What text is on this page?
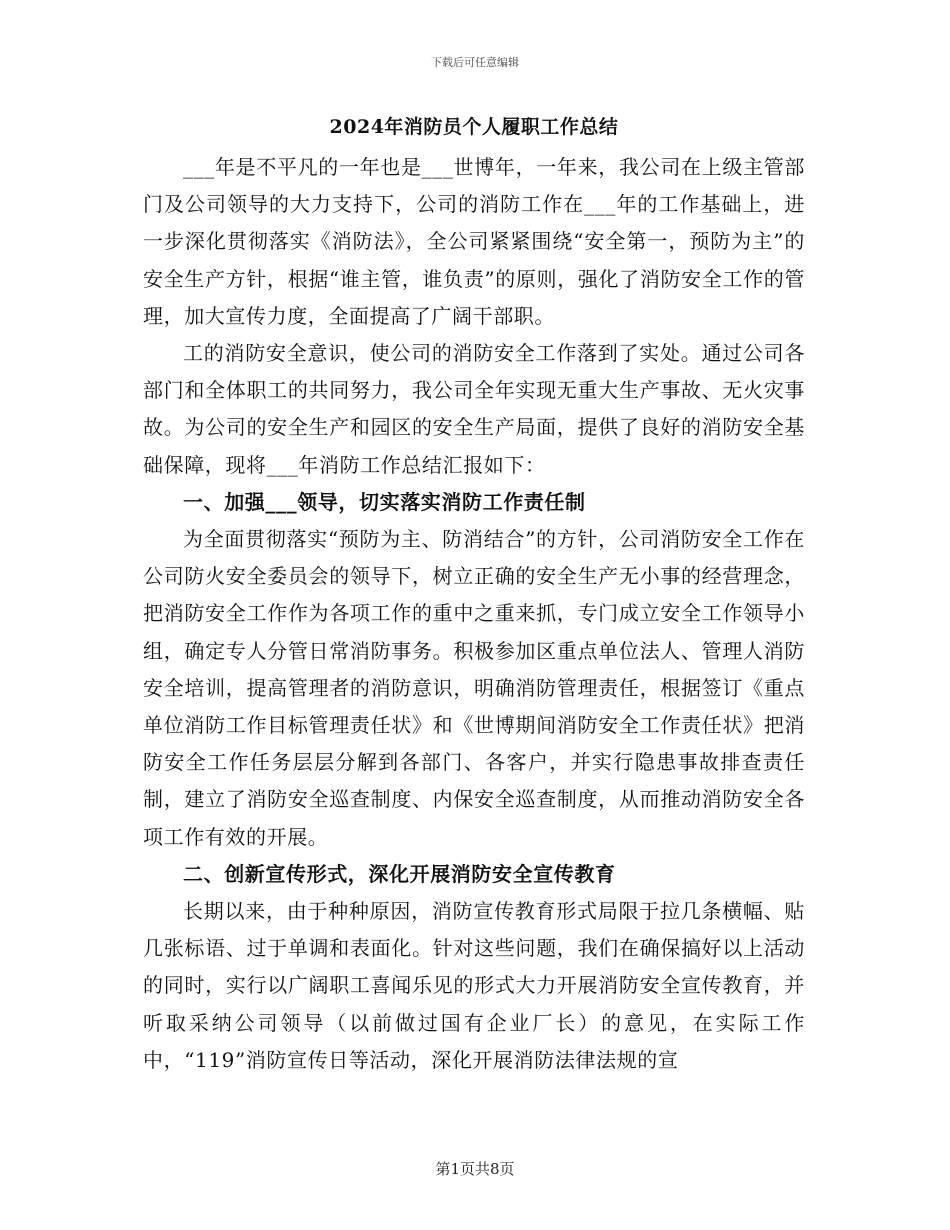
下载后可任意编辑
2024年消防员个人履职工作总结

___年是不平凡的一年也是___世博年，一年来，我公司在上级主管部门及公司领导的大力支持下，公司的消防工作在___年的工作基础上，进一步深化贯彻落实《消防法》，全公司紧紧围绕“安全第一，预防为主”的安全生产方针，根据“谁主管，谁负责”的原则，强化了消防安全工作的管理，加大宣传力度，全面提高了广阔干部职。

工的消防安全意识，使公司的消防安全工作落到了实处。通过公司各部门和全体职工的共同努力，我公司全年实现无重大生产事故、无火灾事故。为公司的安全生产和园区的安全生产局面，提供了良好的消防安全基础保障，现将___年消防工作总结汇报如下：

一、加强___领导，切实落实消防工作责任制

为全面贯彻落实“预防为主、防消结合”的方针，公司消防安全工作在公司防火安全委员会的领导下，树立正确的安全生产无小事的经营理念，把消防安全工作作为各项工作的重中之重来抓，专门成立安全工作领导小组，确定专人分管日常消防事务。积极参加区重点单位法人、管理人消防安全培训，提高管理者的消防意识，明确消防管理责任，根据签订《重点单位消防工作目标管理责任状》和《世博期间消防安全工作责任状》把消防安全工作任务层层分解到各部门、各客户，并实行隐患事故排查责任制，建立了消防安全巡查制度、内保安全巡查制度，从而推动消防安全各项工作有效的开展。

二、创新宣传形式，深化开展消防安全宣传教育

长期以来，由于种种原因，消防宣传教育形式局限于拉几条横幅、贴几张标语、过于单调和表面化。针对这些问题，我们在确保搞好以上活动的同时，实行以广阔职工喜闻乐见的形式大力开展消防安全宣传教育，并听取采纳公司领导（以前做过国有企业厂长）的意见，在实际工作中，“119”消防宣传日等活动，深化开展消防法律法规的宣

第1页共8页
